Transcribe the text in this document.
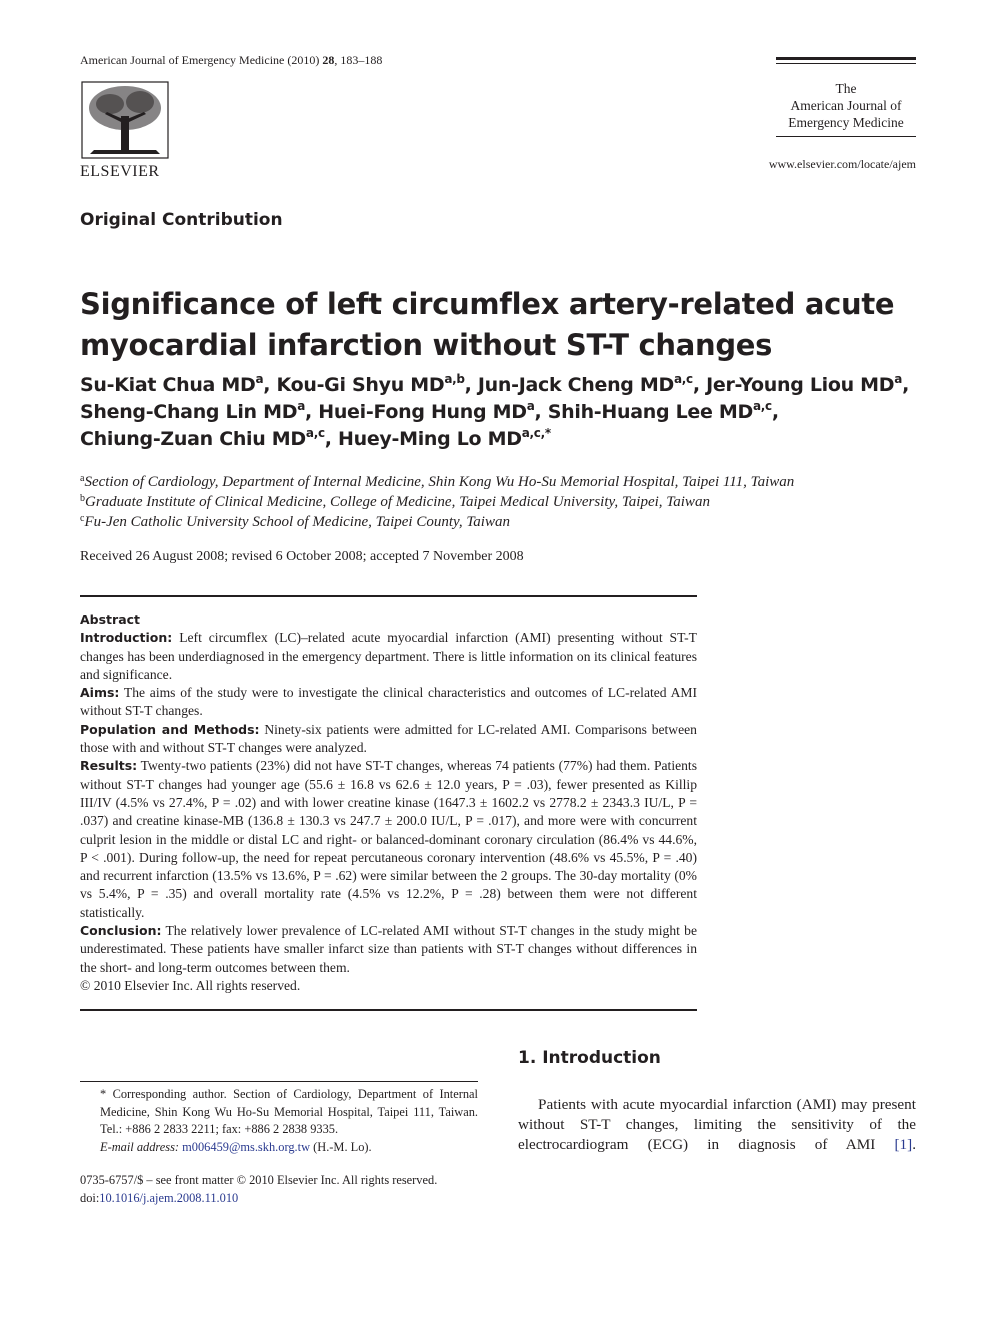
American Journal of Emergency Medicine (2010) 28, 183–188
ELSEVIER
The
American Journal of
Emergency Medicine
www.elsevier.com/locate/ajem
Original Contribution
Significance of left circumflex artery-related acute
myocardial infarction without ST-T changes
Su-Kiat Chua $MD^a$, Kou-Gi Shyu MD$^{a,b}$, Jun-Jack Cheng MD$^{a,c}$, Jer-Young Liou $MD^a$,
Sheng-Chang Lin $MD^a$, Huei-Fong Hung $MD^a$, Shih-Huang Lee MD$^{a,c}$,
Chiung-Zuan Chiu MD$^{a,c}$, Huey-Ming Lo $MD^{a,c,*}$
$^a$Section of Cardiology, Department of Internal Medicine, Shin Kong Wu Ho-Su Memorial Hospital, Taipei 111, Taiwan
$^b$Graduate Institute of Clinical Medicine, College of Medicine, Taipei Medical University, Taipei, Taiwan
$^c$Fu-Jen Catholic University School of Medicine, Taipei County, Taiwan
Received 26 August 2008; revised 6 October 2008; accepted 7 November 2008

Abstract

Introduction: Left circumflex (LC)–related acute myocardial infarction (AMI) presenting without ST-T changes has been underdiagnosed in the emergency department. There is little information on its clinical features and significance.

Aims: The aims of the study were to investigate the clinical characteristics and outcomes of LC-related AMI without ST-T changes.

Population and Methods: Ninety-six patients were admitted for LC-related AMI. Comparisons between those with and without ST-T changes were analyzed.

Results: Twenty-two patients (23%) did not have ST-T changes, whereas 74 patients (77%) had them. Patients without ST-T changes had younger age (55.6 ± 16.8 vs 62.6 ± 12.0 years, P = .03), fewer presented as Killip III/IV (4.5% vs 27.4%, P = .02) and with lower creatine kinase (1647.3 ± 1602.2 vs 2778.2 ± 2343.3 IU/L, P = .037) and creatine kinase-MB (136.8 ± 130.3 vs 247.7 ± 200.0 IU/L, P = .017), and more were with concurrent culprit lesion in the middle or distal LC and right- or balanced-dominant coronary circulation (86.4% vs 44.6%, P < .001). During follow-up, the need for repeat percutaneous coronary intervention (48.6% vs 45.5%, P = .40) and recurrent infarction (13.5% vs 13.6%, P = .62) were similar between the 2 groups. The 30-day mortality (0% vs 5.4%, P = .35) and overall mortality rate (4.5% vs 12.2%, P = .28) between them were not different statistically.

Conclusion: The relatively lower prevalence of LC-related AMI without ST-T changes in the study might be underestimated. These patients have smaller infarct size than patients with ST-T changes without differences in the short- and long-term outcomes between them.

© 2010 Elsevier Inc. All rights reserved.

* Corresponding author. Section of Cardiology, Department of Internal Medicine, Shin Kong Wu Ho-Su Memorial Hospital, Taipei 111, Taiwan. Tel.: +886 2 2833 2211; fax: +886 2 2838 9335.
E-mail address: m006459@ms.skh.org.tw (H.-M. Lo).
0735-6757/$ – see front matter © 2010 Elsevier Inc. All rights reserved.
doi:10.1016/j.ajem.2008.11.010
1. Introduction
Patients with acute myocardial infarction (AMI) may present without ST-T changes, limiting the sensitivity of the electrocardiogram (ECG) in diagnosis of AMI [1].
